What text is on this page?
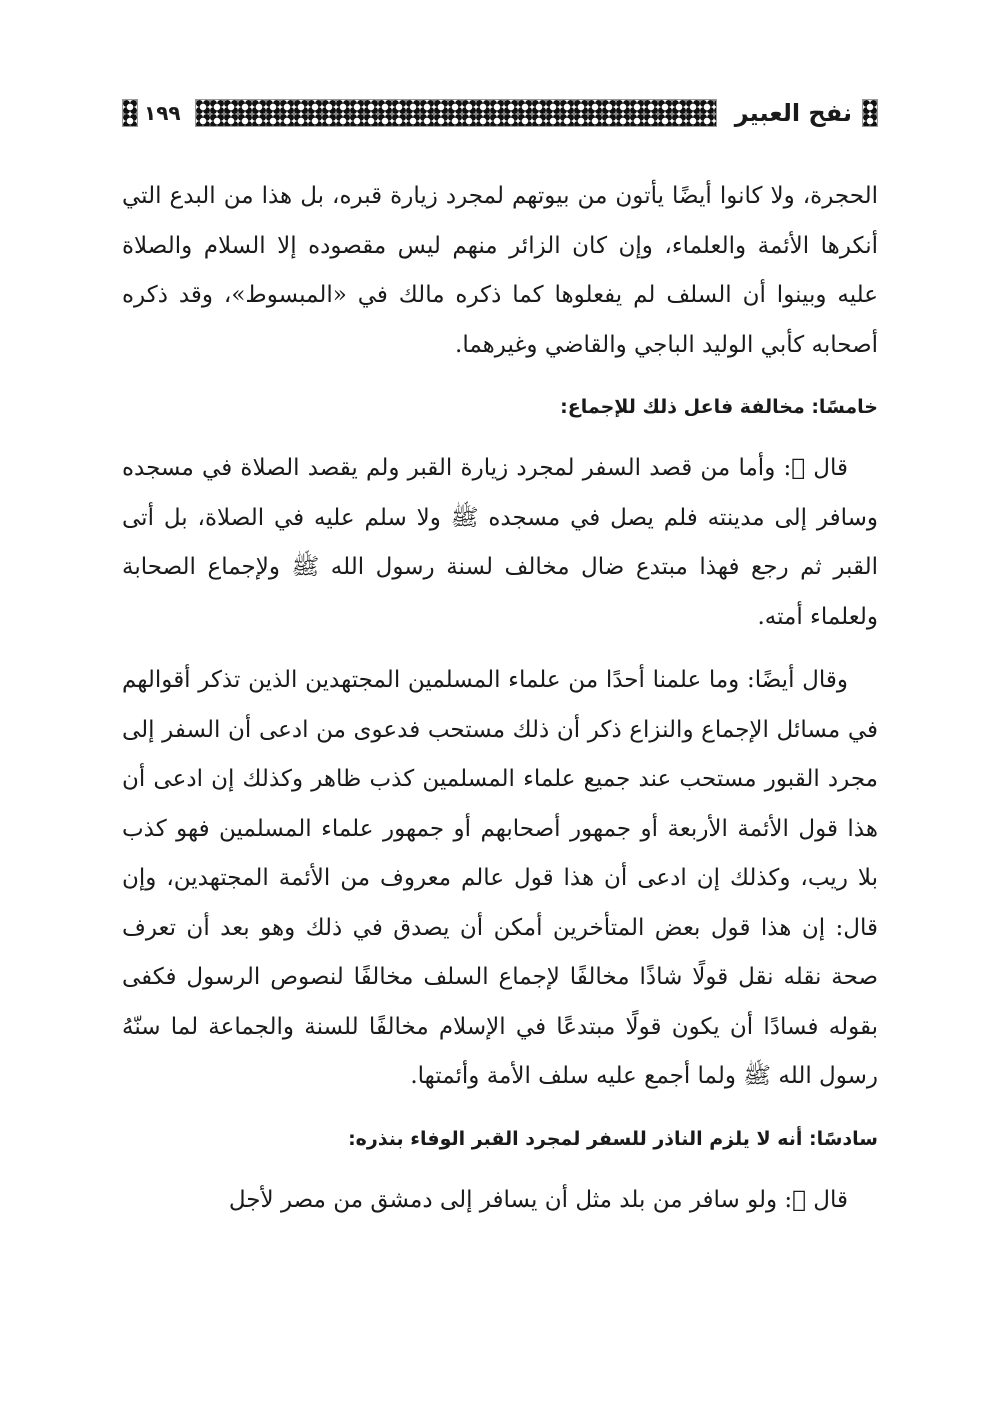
نفح العبير
١٩٩

الحجرة، ولا كانوا أيضًا يأتون من بيوتهم لمجرد زيارة قبره، بل هذا من البدع التي أنكرها الأئمة والعلماء، وإن كان الزائر منهم ليس مقصوده إلا السلام والصلاة عليه وبينوا أن السلف لم يفعلوها كما ذكره مالك في «المبسوط»، وقد ذكره أصحابه كأبي الوليد الباجي والقاضي وغيرهما.

خامسًا: مخالفة فاعل ذلك للإجماع:

قال ﷬: وأما من قصد السفر لمجرد زيارة القبر ولم يقصد الصلاة في مسجده وسافر إلى مدينته فلم يصل في مسجده ﷺ ولا سلم عليه في الصلاة، بل أتى القبر ثم رجع فهذا مبتدع ضال مخالف لسنة رسول الله ﷺ ولإجماع الصحابة ولعلماء أمته.

وقال أيضًا: وما علمنا أحدًا من علماء المسلمين المجتهدين الذين تذكر أقوالهم في مسائل الإجماع والنزاع ذكر أن ذلك مستحب فدعوى من ادعى أن السفر إلى مجرد القبور مستحب عند جميع علماء المسلمين كذب ظاهر وكذلك إن ادعى أن هذا قول الأئمة الأربعة أو جمهور أصحابهم أو جمهور علماء المسلمين فهو كذب بلا ريب، وكذلك إن ادعى أن هذا قول عالم معروف من الأئمة المجتهدين، وإن قال: إن هذا قول بعض المتأخرين أمكن أن يصدق في ذلك وهو بعد أن تعرف صحة نقله نقل قولًا شاذًا مخالفًا لإجماع السلف مخالفًا لنصوص الرسول فكفى بقوله فسادًا أن يكون قولًا مبتدعًا في الإسلام مخالفًا للسنة والجماعة لما سنّهُ رسول الله ﷺ ولما أجمع عليه سلف الأمة وأئمتها.

سادسًا: أنه لا يلزم الناذر للسفر لمجرد القبر الوفاء بنذره:

قال ﷬: ولو سافر من بلد مثل أن يسافر إلى دمشق من مصر لأجل
